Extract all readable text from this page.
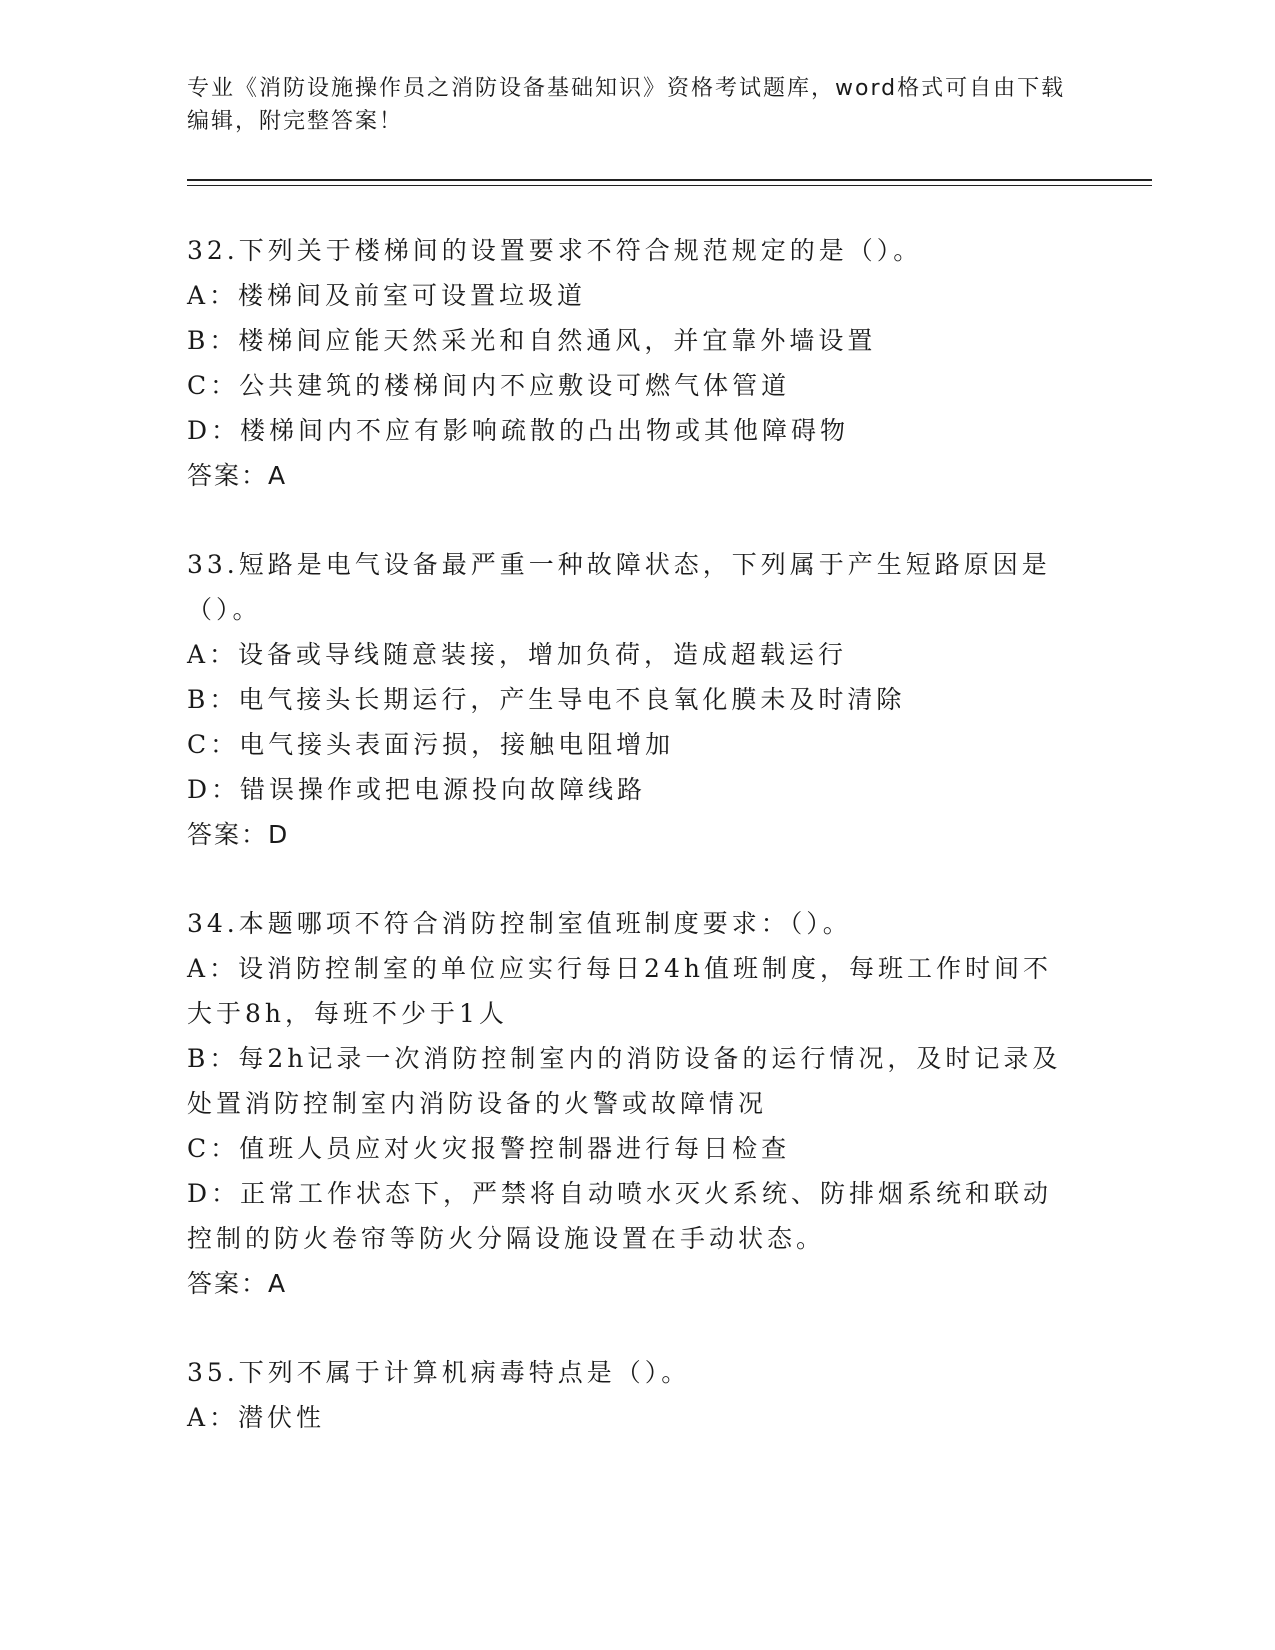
专业《消防设施操作员之消防设备基础知识》资格考试题库，word格式可自由下载编辑，附完整答案！
32.下列关于楼梯间的设置要求不符合规范规定的是（）。
A：楼梯间及前室可设置垃圾道
B：楼梯间应能天然采光和自然通风，并宜靠外墙设置
C：公共建筑的楼梯间内不应敷设可燃气体管道
D：楼梯间内不应有影响疏散的凸出物或其他障碍物
答案：A
33.短路是电气设备最严重一种故障状态，下列属于产生短路原因是（）。
A：设备或导线随意装接，增加负荷，造成超载运行
B：电气接头长期运行，产生导电不良氧化膜未及时清除
C：电气接头表面污损，接触电阻增加
D：错误操作或把电源投向故障线路
答案：D
34.本题哪项不符合消防控制室值班制度要求：（）。
A：设消防控制室的单位应实行每日24h值班制度，每班工作时间不大于8h，每班不少于1人
B：每2h记录一次消防控制室内的消防设备的运行情况，及时记录及处置消防控制室内消防设备的火警或故障情况
C：值班人员应对火灾报警控制器进行每日检查
D：正常工作状态下，严禁将自动喷水灭火系统、防排烟系统和联动控制的防火卷帘等防火分隔设施设置在手动状态。
答案：A
35.下列不属于计算机病毒特点是（）。
A：潜伏性
